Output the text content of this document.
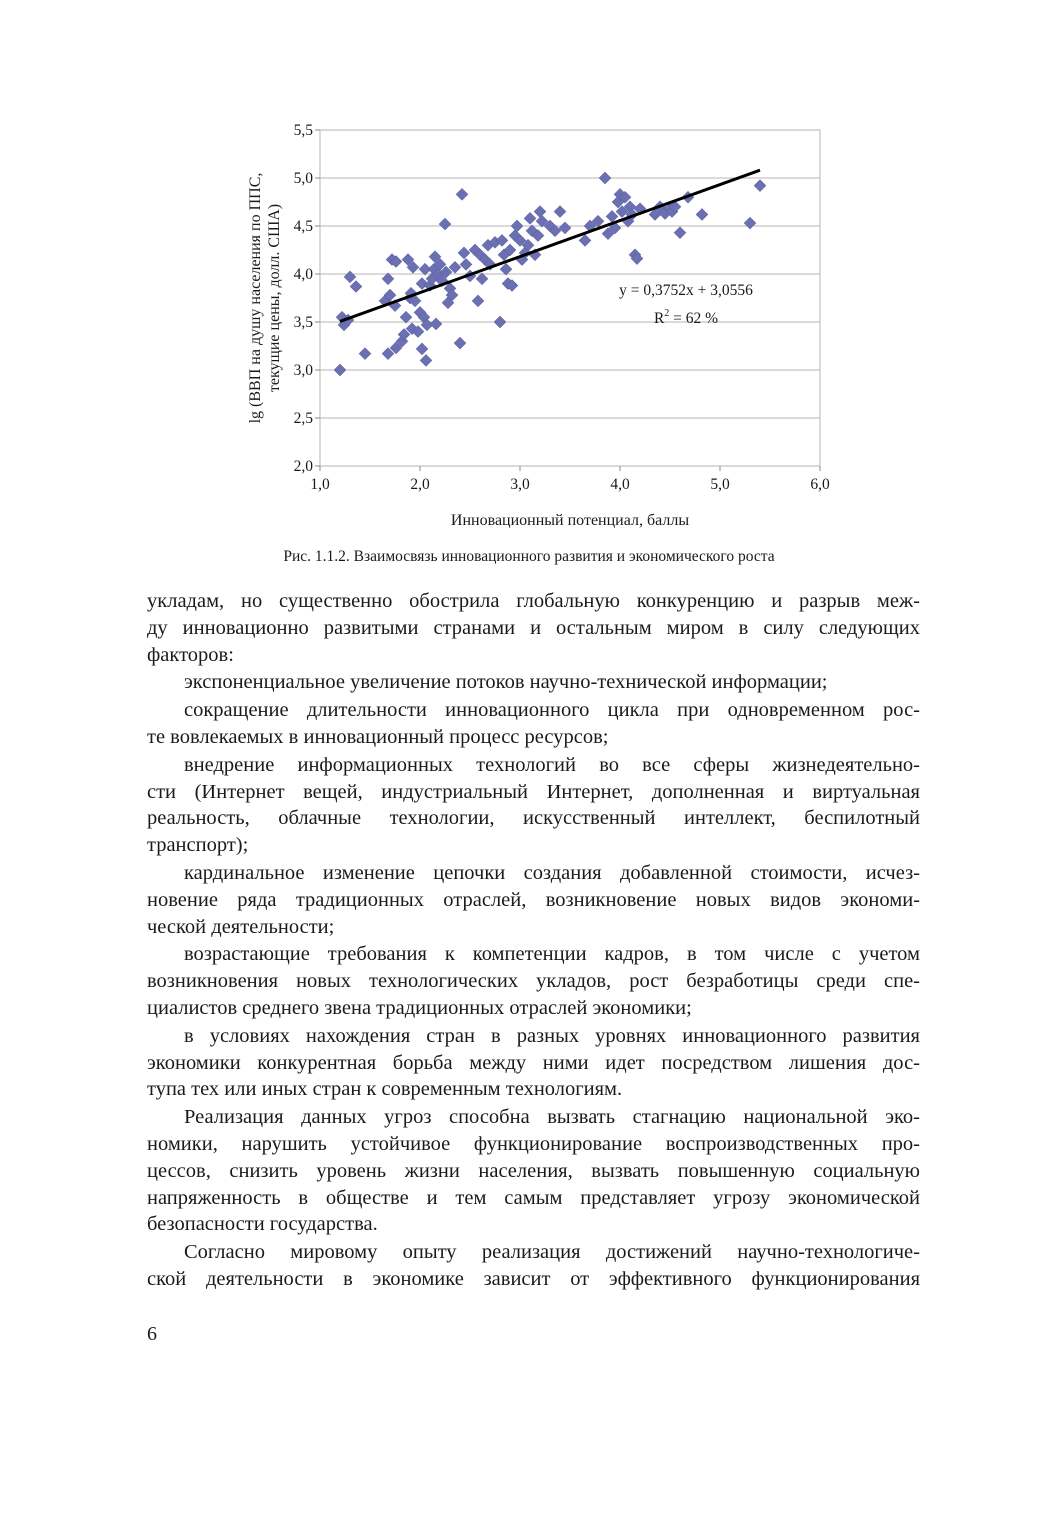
2,0
2,5
3,0
3,5
4,0
4,5
5,0
5,5
1,0	2,0	3,0	4,0	5,0	6,0
y = 0,3752x + 3,0556
$R^2 = 62$ %
lg (ВВП на душу населения по ППС, текущие цены, долл. США)
Инновационный потенциал, баллы
Рис. 1.1.2. Взаимосвязь инновационного развития и экономического роста

укладам, но существенно обострила глобальную конкуренцию и разрыв меж-

ду инновационно развитыми странами и остальным миром в силу следующих

факторов:

экспоненциальное увеличение потоков научно-технической информации;

сокращение длительности инновационного цикла при одновременном рос-

те вовлекаемых в инновационный процесс ресурсов;

внедрение информационных технологий во все сферы жизнедеятельно-

сти (Интернет вещей, индустриальный Интернет, дополненная и виртуальная

реальность, облачные технологии, искусственный интеллект, беспилотный

транспорт);

кардинальное изменение цепочки создания добавленной стоимости, исчез-

новение ряда традиционных отраслей, возникновение новых видов экономи-

ческой деятельности;

возрастающие требования к компетенции кадров, в том числе с учетом

возникновения новых технологических укладов, рост безработицы среди спе-

циалистов среднего звена традиционных отраслей экономики;

в условиях нахождения стран в разных уровнях инновационного развития

экономики конкурентная борьба между ними идет посредством лишения дос-

тупа тех или иных стран к современным технологиям.

Реализация данных угроз способна вызвать стагнацию национальной эко-

номики, нарушить устойчивое функционирование воспроизводственных про-

цессов, снизить уровень жизни населения, вызвать повышенную социальную

напряженность в обществе и тем самым представляет угрозу экономической

безопасности государства.

Согласно мировому опыту реализация достижений научно-технологиче-

ской деятельности в экономике зависит от эффективного функционирования

6
